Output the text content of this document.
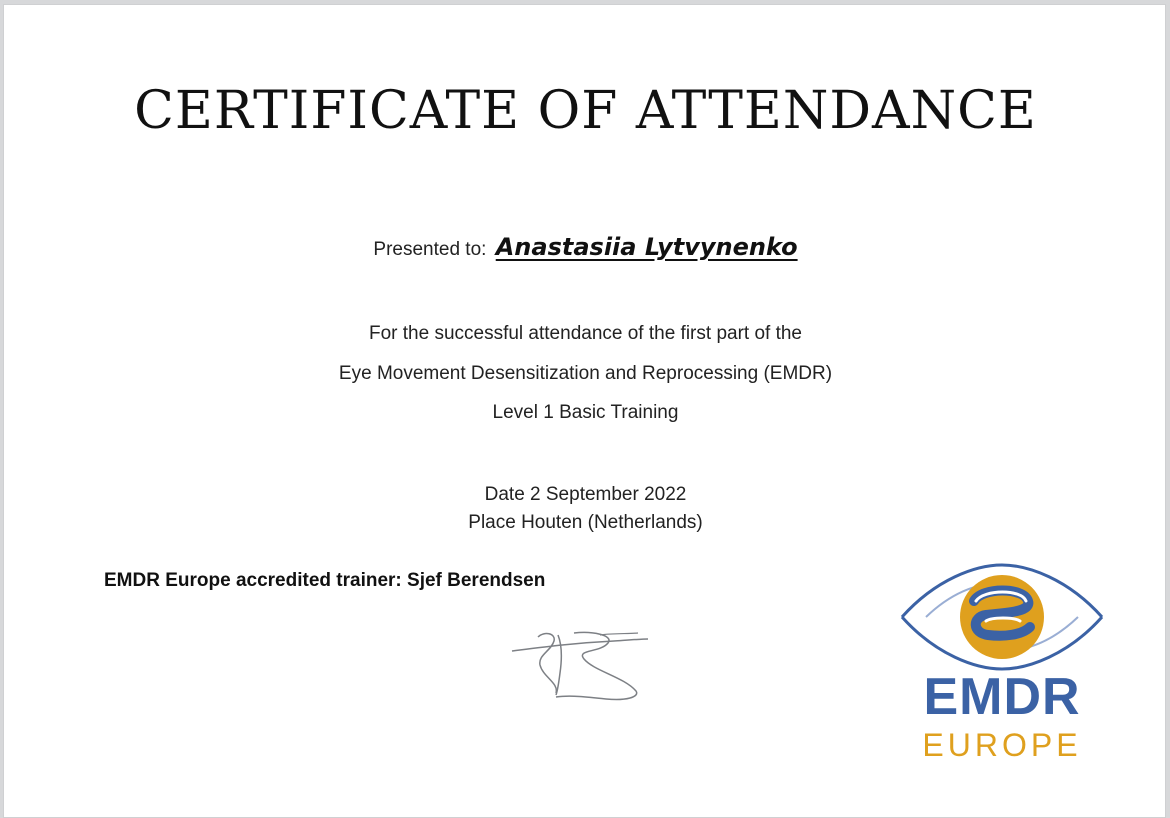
CERTIFICATE OF ATTENDANCE
Presented to: Anastasiia Lytvynenko
For the successful attendance of the first part of the
Eye Movement Desensitization and Reprocessing (EMDR)
Level 1 Basic Training
Date 2 September 2022
Place Houten (Netherlands)
EMDR Europe accredited trainer: Sjef Berendsen
EMDR
EUROPE
